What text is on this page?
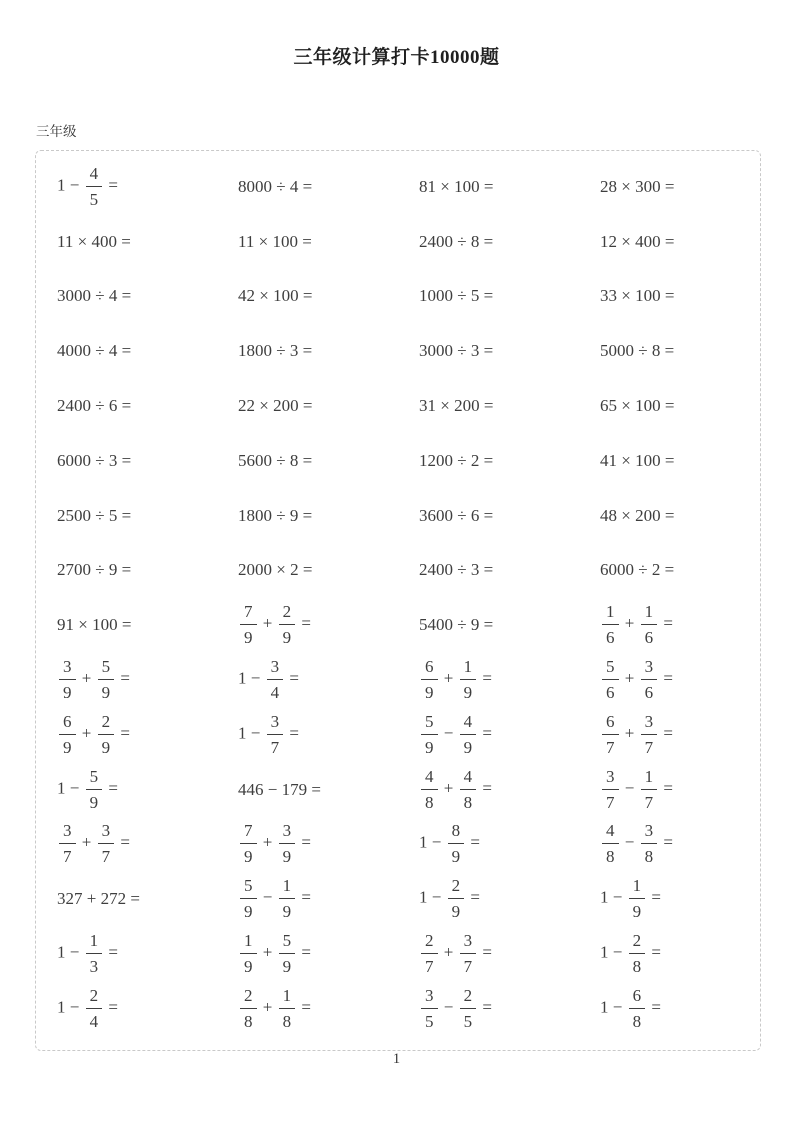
三年级计算打卡10000题
三年级
$1 - \frac{4}{5}$ =	8000 ÷ 4 =	81 × 100 =	28 × 300 =
11 × 400 =	11 × 100 =	2400 ÷ 8 =	12 × 400 =
3000 ÷ 4 =	42 × 100 =	1000 ÷ 5 =	33 × 100 =
4000 ÷ 4 =	1800 ÷ 3 =	3000 ÷ 3 =	5000 ÷ 8 =
2400 ÷ 6 =	22 × 200 =	31 × 200 =	65 × 100 =
6000 ÷ 3 =	5600 ÷ 8 =	1200 ÷ 2 =	41 × 100 =
2500 ÷ 5 =	1800 ÷ 9 =	3600 ÷ 6 =	48 × 200 =
2700 ÷ 9 =	2000 × 2 =	2400 ÷ 3 =	6000 ÷ 2 =
91 × 100 =	$\frac{7}{9} + \frac{2}{9}$ =	5400 ÷ 9 =	$\frac{1}{6} + \frac{1}{6}$ =
$\frac{3}{9} + \frac{5}{9}$ =	$1 - \frac{3}{4}$ =	$\frac{6}{9} + \frac{1}{9}$ =	$\frac{5}{6} + \frac{3}{6}$ =
$\frac{6}{9} + \frac{2}{9}$ =	$1 - \frac{3}{7}$ =	$\frac{5}{9} - \frac{4}{9}$ =	$\frac{6}{7} + \frac{3}{7}$ =
$1 - \frac{5}{9}$ =	446 − 179 =	$\frac{4}{8} + \frac{4}{8}$ =	$\frac{3}{7} - \frac{1}{7}$ =
$\frac{3}{7} + \frac{3}{7}$ =	$\frac{7}{9} + \frac{3}{9}$ =	$1 - \frac{8}{9}$ =	$\frac{4}{8} - \frac{3}{8}$ =
327 + 272 =	$\frac{5}{9} - \frac{1}{9}$ =	$1 - \frac{2}{9}$ =	$1 - \frac{1}{9}$ =
$1 - \frac{1}{3}$ =	$\frac{1}{9} + \frac{5}{9}$ =	$\frac{2}{7} + \frac{3}{7}$ =	$1 - \frac{2}{8}$ =
$1 - \frac{2}{4}$ =	$\frac{2}{8} + \frac{1}{8}$ =	$\frac{3}{5} - \frac{2}{5}$ =	$1 - \frac{6}{8}$ =
1
